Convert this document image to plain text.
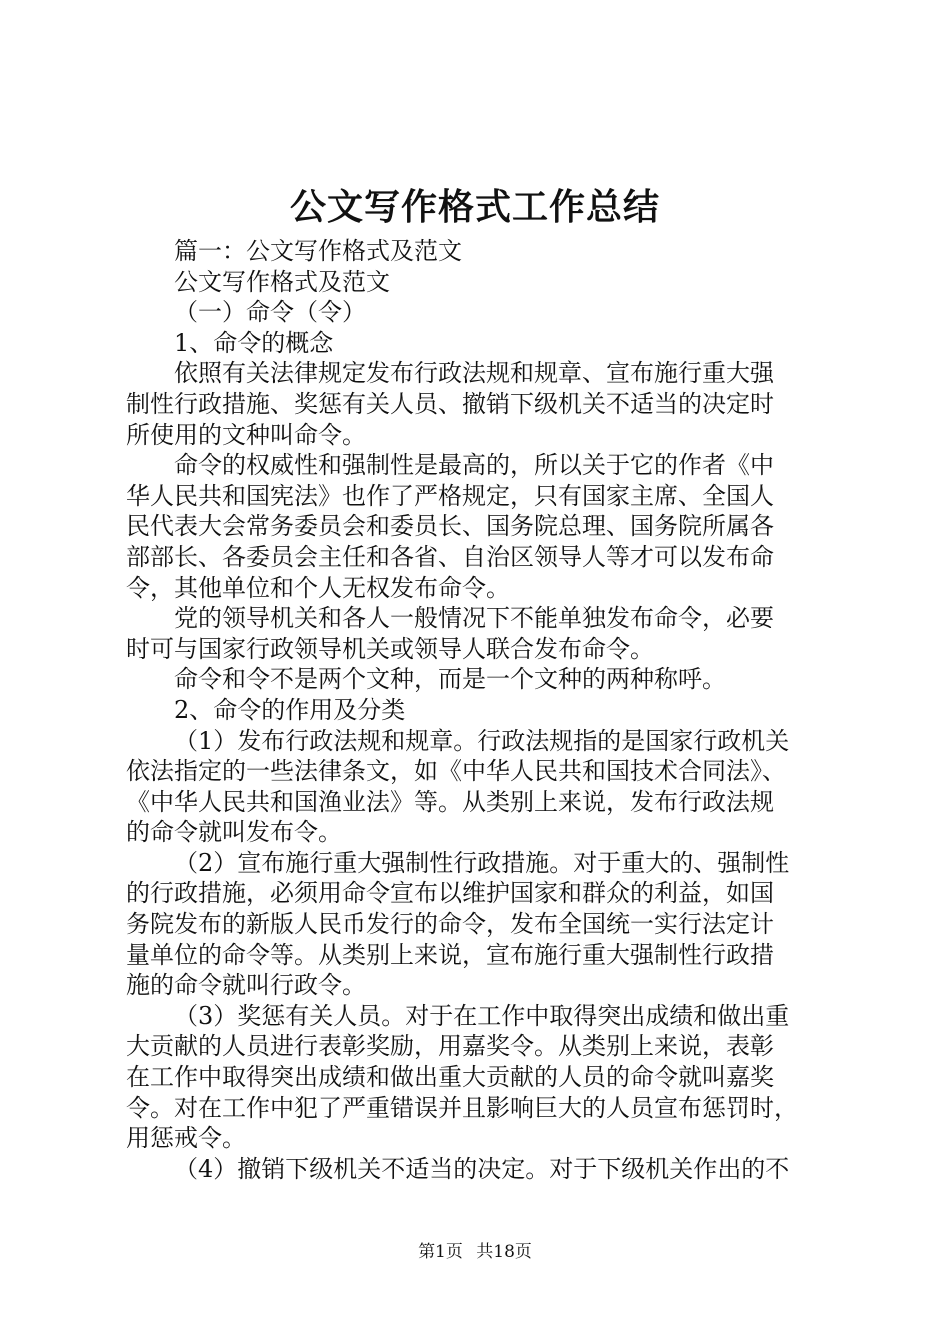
公文写作格式工作总结
篇一：公文写作格式及范文
公文写作格式及范文
（一）命令（令）
1、命令的概念
依照有关法律规定发布行政法规和规章、宣布施行重大强
制性行政措施、奖惩有关人员、撤销下级机关不适当的决定时
所使用的文种叫命令。
命令的权威性和强制性是最高的，所以关于它的作者《中
华人民共和国宪法》也作了严格规定，只有国家主席、全国人
民代表大会常务委员会和委员长、国务院总理、国务院所属各
部部长、各委员会主任和各省、自治区领导人等才可以发布命
令，其他单位和个人无权发布命令。
党的领导机关和各人一般情况下不能单独发布命令，必要
时可与国家行政领导机关或领导人联合发布命令。
命令和令不是两个文种，而是一个文种的两种称呼。
2、命令的作用及分类
（1）发布行政法规和规章。行政法规指的是国家行政机关
依法指定的一些法律条文，如《中华人民共和国技术合同法》、
《中华人民共和国渔业法》等。从类别上来说，发布行政法规
的命令就叫发布令。
（2）宣布施行重大强制性行政措施。对于重大的、强制性
的行政措施，必须用命令宣布以维护国家和群众的利益，如国
务院发布的新版人民币发行的命令，发布全国统一实行法定计
量单位的命令等。从类别上来说，宣布施行重大强制性行政措
施的命令就叫行政令。
（3）奖惩有关人员。对于在工作中取得突出成绩和做出重
大贡献的人员进行表彰奖励，用嘉奖令。从类别上来说，表彰
在工作中取得突出成绩和做出重大贡献的人员的命令就叫嘉奖
令。对在工作中犯了严重错误并且影响巨大的人员宣布惩罚时，
用惩戒令。
（4）撤销下级机关不适当的决定。对于下级机关作出的不
第1页 共18页
